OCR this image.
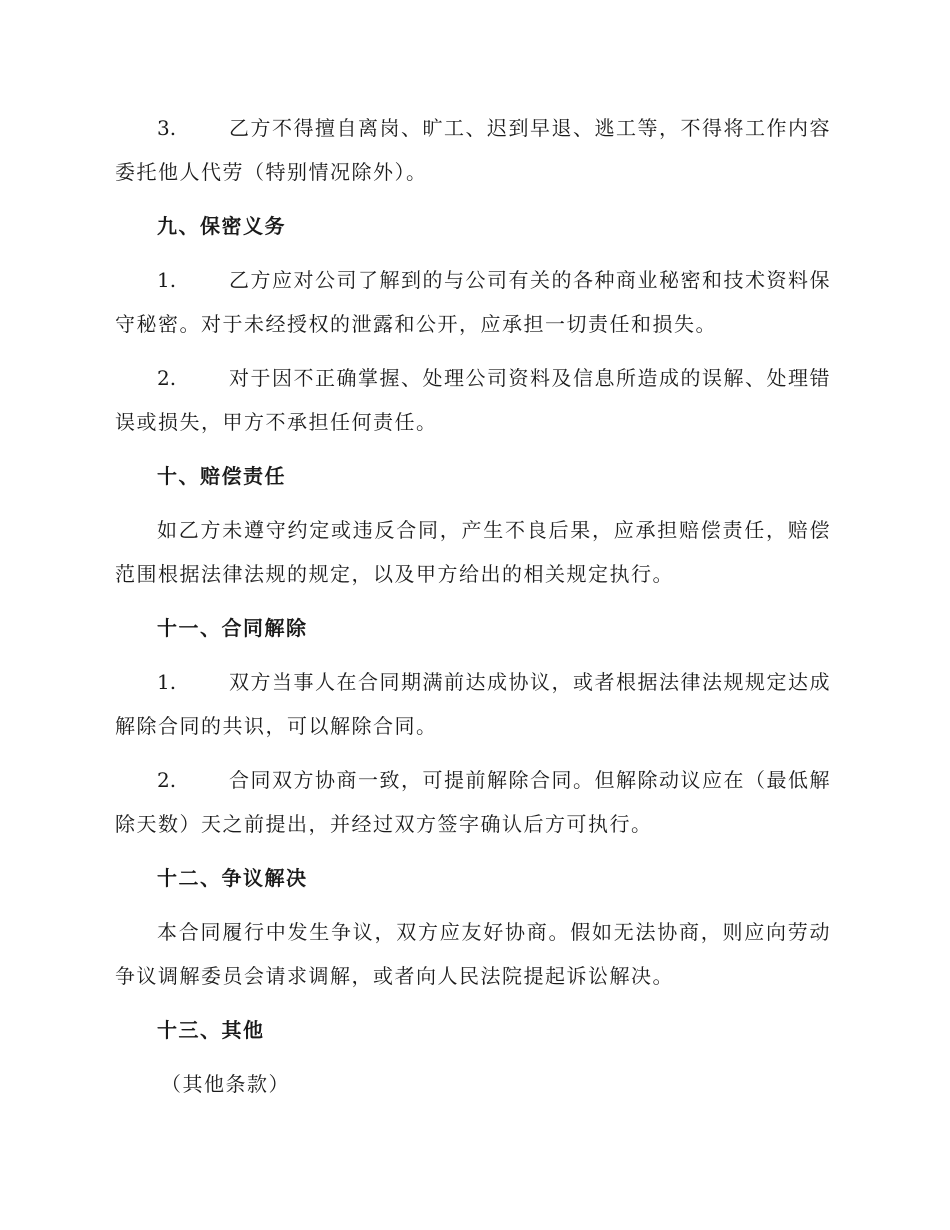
3.	乙方不得擅自离岗、旷工、迟到早退、逃工等，不得将工作内容委托他人代劳（特别情况除外）。

九、保密义务

1.	乙方应对公司了解到的与公司有关的各种商业秘密和技术资料保守秘密。对于未经授权的泄露和公开，应承担一切责任和损失。

2.	对于因不正确掌握、处理公司资料及信息所造成的误解、处理错误或损失，甲方不承担任何责任。

十、赔偿责任

如乙方未遵守约定或违反合同，产生不良后果，应承担赔偿责任，赔偿范围根据法律法规的规定，以及甲方给出的相关规定执行。

十一、合同解除

1.	双方当事人在合同期满前达成协议，或者根据法律法规规定达成解除合同的共识，可以解除合同。

2.	合同双方协商一致，可提前解除合同。但解除动议应在（最低解除天数）天之前提出，并经过双方签字确认后方可执行。

十二、争议解决

本合同履行中发生争议，双方应友好协商。假如无法协商，则应向劳动争议调解委员会请求调解，或者向人民法院提起诉讼解决。

十三、其他

（其他条款）
